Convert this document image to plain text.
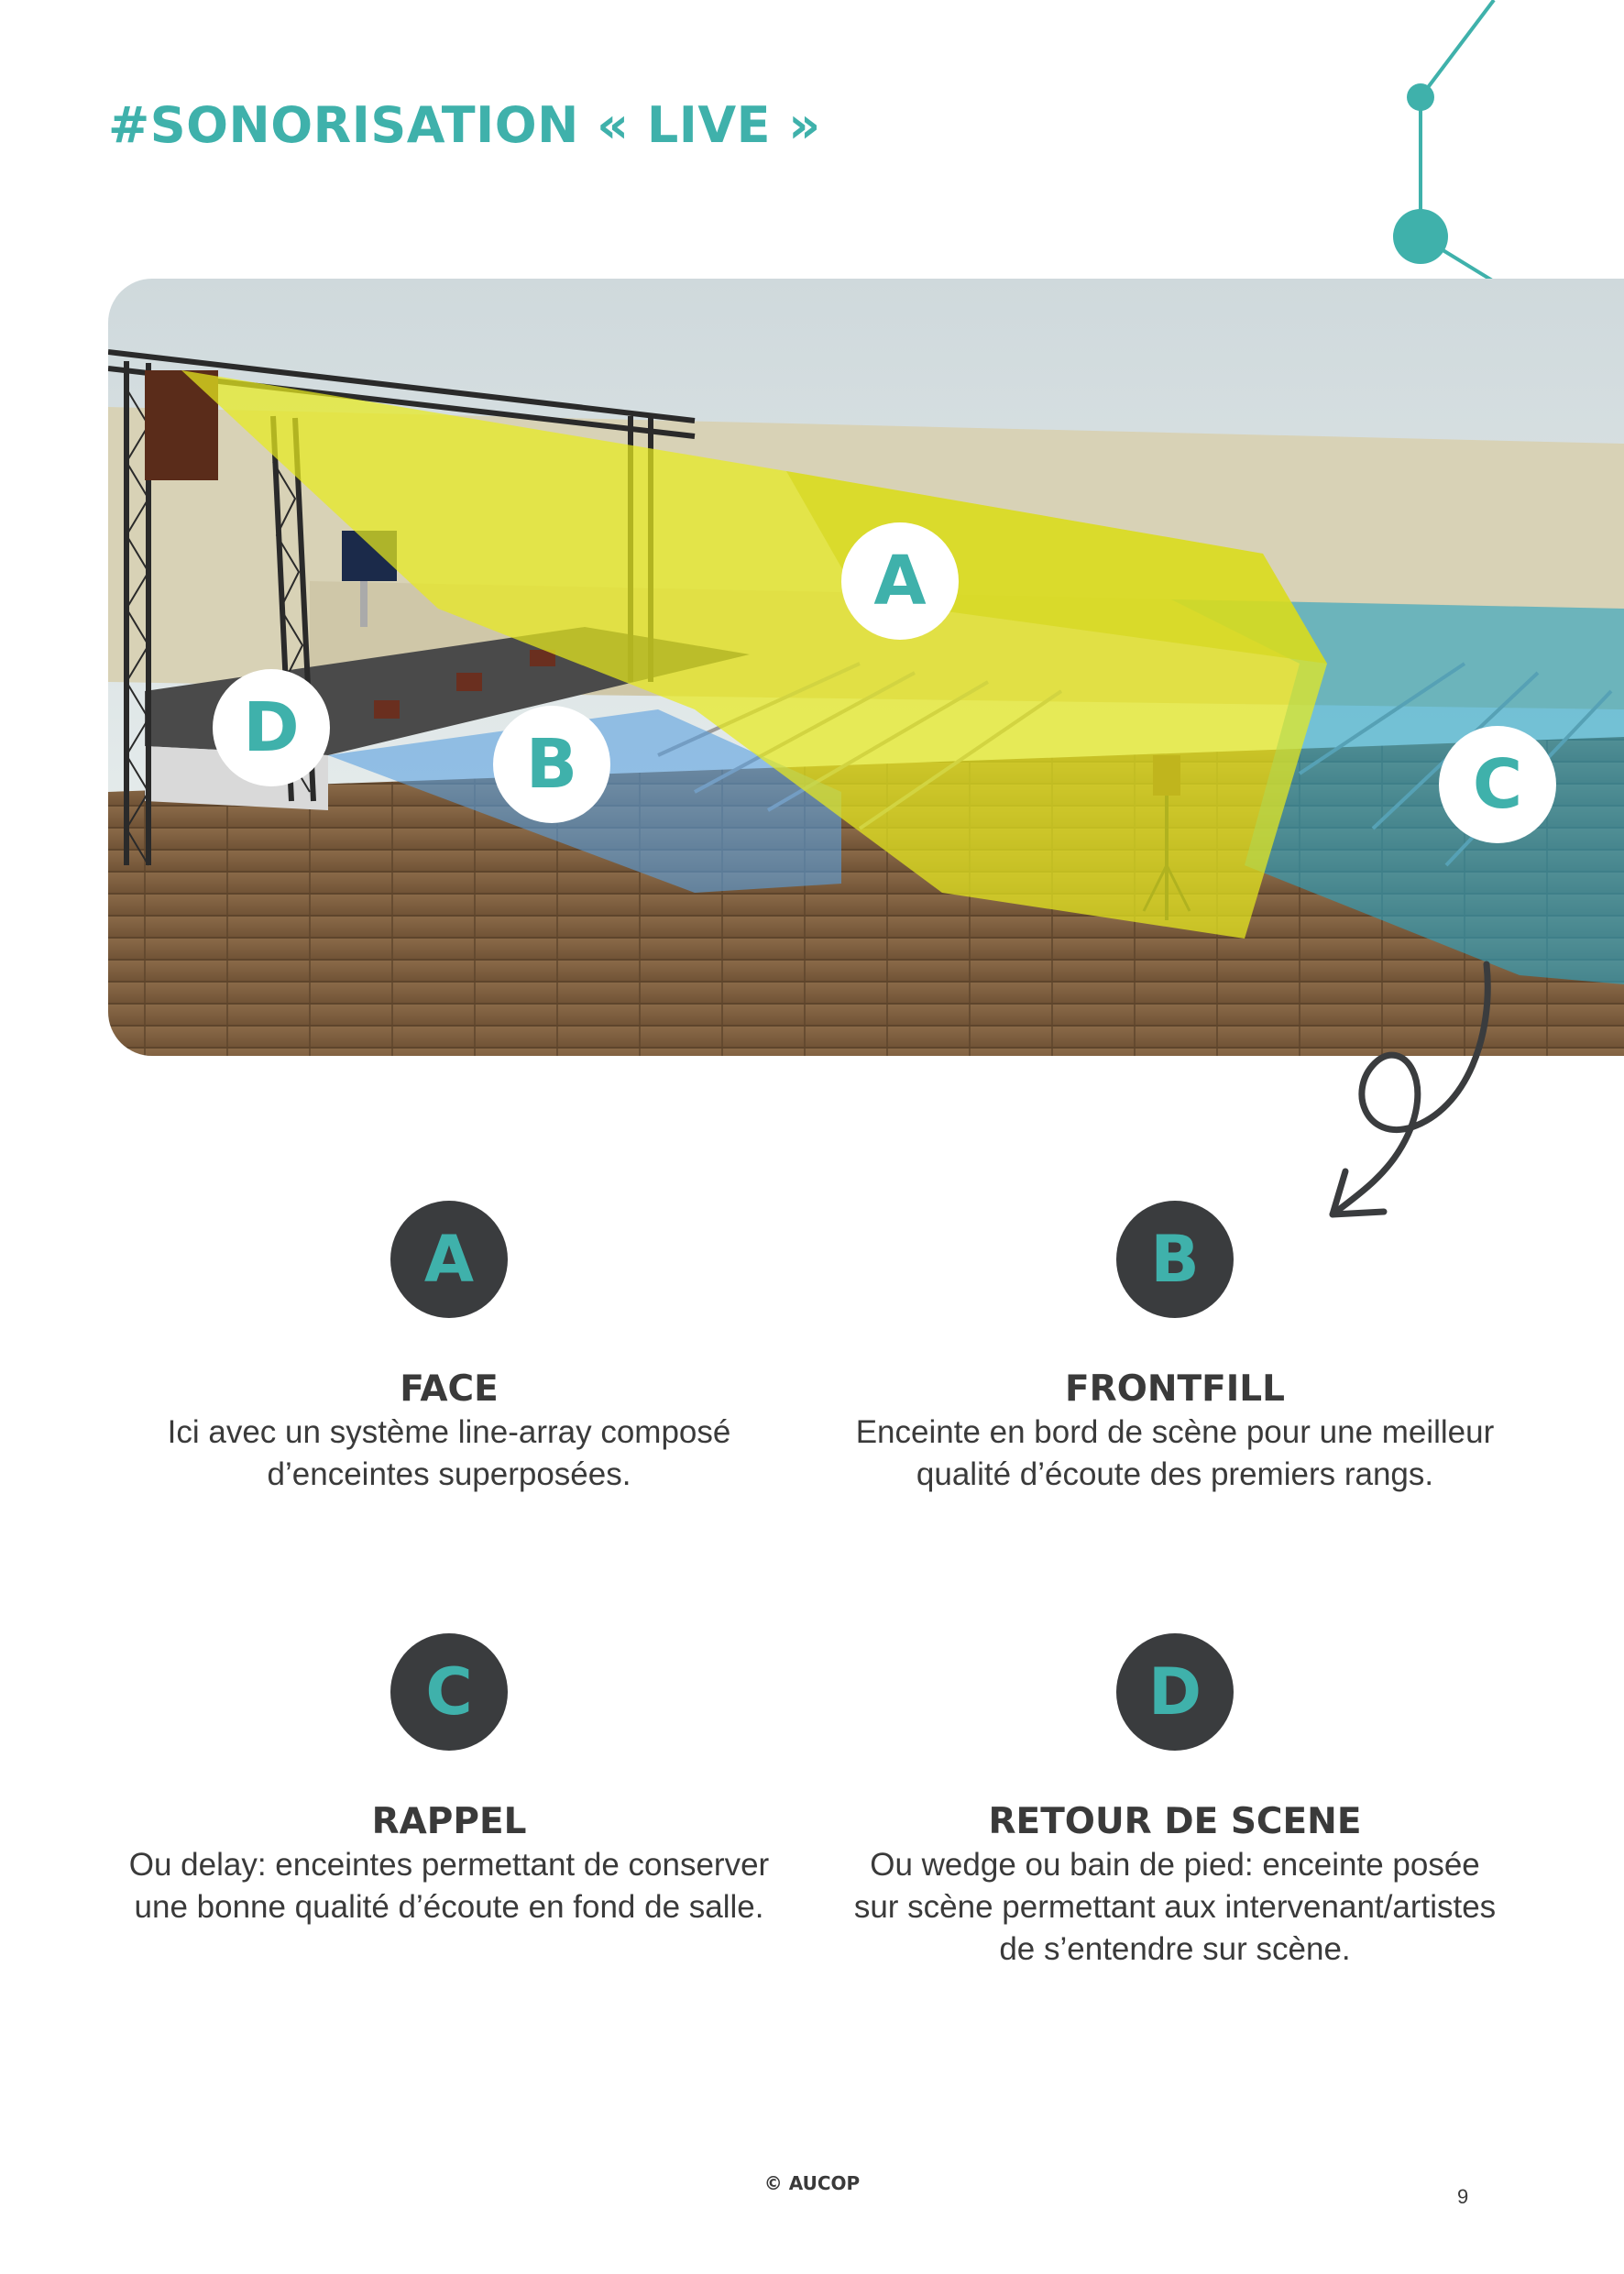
#SONORISATION « LIVE »
A
B	C
D
A
FACE

Ici avec un système line-array composé d’enceintes superposées.

B
FRONTFILL

Enceinte en bord de scène pour une meilleur qualité d’écoute des premiers rangs.

C
RAPPEL

Ou delay: enceintes permettant de conserver une bonne qualité d’écoute en fond de salle.

D
RETOUR DE SCENE

Ou wedge ou bain de pied: enceinte posée sur scène permettant aux intervenant/artistes de s’entendre sur scène.

© AUCOP
9
